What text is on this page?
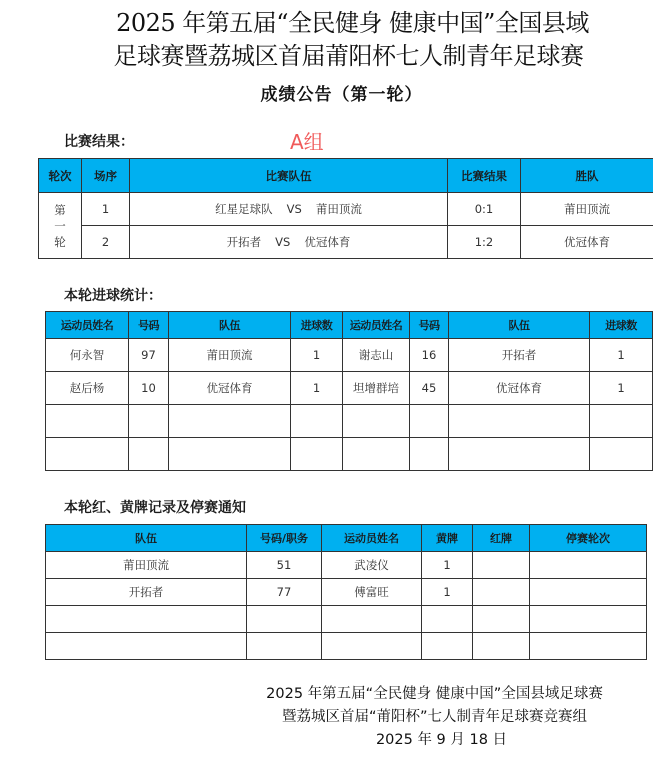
2025 年第五届“全民健身 健康中国”全国县域
足球赛暨荔城区首届莆阳杯七人制青年足球赛
成绩公告（第一轮）
比赛结果：	A组
轮次	场序	比赛队伍	比赛结果	胜队

第
一
轮	1	红星足球队 VS 莆田顶流	0:1	莆田顶流
	2	开拓者 VS 优冠体育	1:2	优冠体育
本轮进球统计：
运动员姓名	号码	队伍	进球数	运动员姓名	号码	队伍	进球数
何永智	97	莆田顶流	1	谢志山	16	开拓者	1
赵后杨	10	优冠体育	1	坦增群培	45	优冠体育	1

本轮红、黄牌记录及停赛通知
队伍	号码/职务	运动员姓名	黄牌	红牌	停赛轮次
莆田顶流	51	武凌仪	1		
开拓者	77	傅富旺	1		

2025 年第五届“全民健身 健康中国”全国县域足球赛
暨荔城区首届“莆阳杯”七人制青年足球赛竞赛组
2025 年 9 月 18 日
